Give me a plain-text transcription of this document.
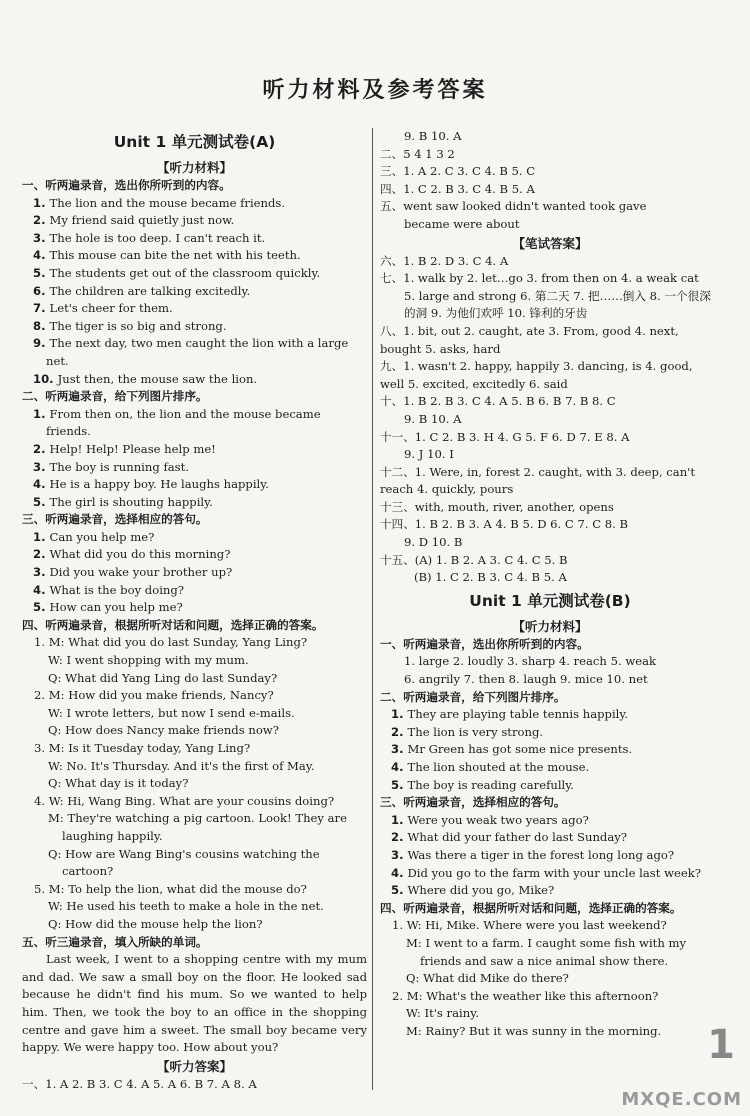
听力材料及参考答案
Unit 1 单元测试卷(A)
【听力材料】
一、听两遍录音，选出你所听到的内容。
1. The lion and the mouse became friends.
2. My friend said quietly just now.
3. The hole is too deep. I can't reach it.
4. This mouse can bite the net with his teeth.
5. The students get out of the classroom quickly.
6. The children are talking excitedly.
7. Let's cheer for them.
8. The tiger is so big and strong.
9. The next day, two men caught the lion with a large net.
10. Just then, the mouse saw the lion.
二、听两遍录音，给下列图片排序。
1. From then on, the lion and the mouse became friends.
2. Help! Help! Please help me!
3. The boy is running fast.
4. He is a happy boy. He laughs happily.
5. The girl is shouting happily.
三、听两遍录音，选择相应的答句。
1. Can you help me?
2. What did you do this morning?
3. Did you wake your brother up?
4. What is the boy doing?
5. How can you help me?
四、听两遍录音，根据所听对话和问题，选择正确的答案。
1. M: What did you do last Sunday, Yang Ling?
W: I went shopping with my mum.
Q: What did Yang Ling do last Sunday?
2. M: How did you make friends, Nancy?
W: I wrote letters, but now I send e-mails.
Q: How does Nancy make friends now?
3. M: Is it Tuesday today, Yang Ling?
W: No. It's Thursday. And it's the first of May.
Q: What day is it today?
4. W: Hi, Wang Bing. What are your cousins doing?
M: They're watching a pig cartoon. Look! They are laughing happily.
Q: How are Wang Bing's cousins watching the cartoon?
5. M: To help the lion, what did the mouse do?
W: He used his teeth to make a hole in the net.
Q: How did the mouse help the lion?
五、听三遍录音，填入所缺的单词。
Last week, I went to a shopping centre with my mum and dad. We saw a small boy on the floor. He looked sad because he didn't find his mum. So we wanted to help him. Then, we took the boy to an office in the shopping centre and gave him a sweet. The small boy became very happy. We were happy too. How about you?
【听力答案】
一、1. A 2. B 3. C 4. A 5. A 6. B 7. A 8. A
9. B 10. A
二、5 4 1 3 2
三、1. A 2. C 3. C 4. B 5. C
四、1. C 2. B 3. C 4. B 5. A
五、went saw looked didn't wanted took gave
became were about
【笔试答案】
六、1. B 2. D 3. C 4. A
七、1. walk by 2. let…go 3. from then on 4. a weak cat
5. large and strong 6. 第二天 7. 把……倒入 8. 一个很深的洞 9. 为他们欢呼 10. 锋利的牙齿
八、1. bit, out 2. caught, ate 3. From, good 4. next,
bought 5. asks, hard
九、1. wasn't 2. happy, happily 3. dancing, is 4. good,
well 5. excited, excitedly 6. said
十、1. B 2. B 3. C 4. A 5. B 6. B 7. B 8. C
9. B 10. A
十一、1. C 2. B 3. H 4. G 5. F 6. D 7. E 8. A
9. J 10. I
十二、1. Were, in, forest 2. caught, with 3. deep, can't
reach 4. quickly, pours
十三、with, mouth, river, another, opens
十四、1. B 2. B 3. A 4. B 5. D 6. C 7. C 8. B
9. D 10. B
十五、(A) 1. B 2. A 3. C 4. C 5. B
(B) 1. C 2. B 3. C 4. B 5. A
Unit 1 单元测试卷(B)
【听力材料】
一、听两遍录音，选出你所听到的内容。
1. large 2. loudly 3. sharp 4. reach 5. weak
6. angrily 7. then 8. laugh 9. mice 10. net
二、听两遍录音，给下列图片排序。
1. They are playing table tennis happily.
2. The lion is very strong.
3. Mr Green has got some nice presents.
4. The lion shouted at the mouse.
5. The boy is reading carefully.
三、听两遍录音，选择相应的答句。
1. Were you weak two years ago?
2. What did your father do last Sunday?
3. Was there a tiger in the forest long long ago?
4. Did you go to the farm with your uncle last week?
5. Where did you go, Mike?
四、听两遍录音，根据所听对话和问题，选择正确的答案。
1. W: Hi, Mike. Where were you last weekend?
M: I went to a farm. I caught some fish with my friends and saw a nice animal show there.
Q: What did Mike do there?
2. M: What's the weather like this afternoon?
W: It's rainy.
M: Rainy? But it was sunny in the morning.	1
MXQE.COM
